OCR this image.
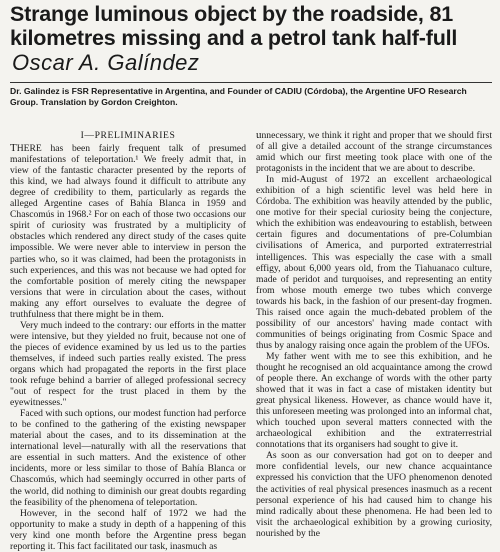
Strange luminous object by the roadside, 81 kilometres missing and a petrol tank half-full
Oscar A. Galíndez

Dr. Galindez is FSR Representative in Argentina, and Founder of CADIU (Córdoba), the Argentine UFO Research Group. Translation by Gordon Creighton.

I—PRELIMINARIES

THERE has been fairly frequent talk of presumed manifestations of teleportation.¹ We freely admit that, in view of the fantastic character presented by the reports of this kind, we had always found it difficult to attribute any degree of credibility to them, particularly as regards the alleged Argentine cases of Bahía Blanca in 1959 and Chascomús in 1968.² For on each of those two occasions our spirit of curiosity was frustrated by a multiplicity of obstacles which rendered any direct study of the cases quite impossible. We were never able to interview in person the parties who, so it was claimed, had been the protagonists in such experiences, and this was not because we had opted for the comfortable position of merely citing the newspaper versions that were in circulation about the cases, without making any effort ourselves to evaluate the degree of truthfulness that there might be in them.

Very much indeed to the contrary: our efforts in the matter were intensive, but they yielded no fruit, because not one of the pieces of evidence examined by us led us to the parties themselves, if indeed such parties really existed. The press organs which had propagated the reports in the first place took refuge behind a barrier of alleged professional secrecy "out of respect for the trust placed in them by the eyewitnesses."

Faced with such options, our modest function had perforce to be confined to the gathering of the existing newspaper material about the cases, and to its dissemination at the international level—naturally with all the reservations that are essential in such matters. And the existence of other incidents, more or less similar to those of Bahía Blanca or Chascomús, which had seemingly occurred in other parts of the world, did nothing to diminish our great doubts regarding the feasibility of the phenomena of teleportation.

However, in the second half of 1972 we had the opportunity to make a study in depth of a happening of this very kind one month before the Argentine press began reporting it. This fact facilitated our task, inasmuch as

unnecessary, we think it right and proper that we should first of all give a detailed account of the strange circumstances amid which our first meeting took place with one of the protagonists in the incident that we are about to describe.

In mid-August of 1972 an excellent archaeological exhibition of a high scientific level was held here in Córdoba. The exhibition was heavily attended by the public, one motive for their special curiosity being the conjecture, which the exhibition was endeavouring to establish, between certain figures and documentations of pre-Columbian civilisations of America, and purported extraterrestrial intelligences. This was especially the case with a small effigy, about 6,000 years old, from the Tiahuanaco culture, made of peridot and turquoises, and representing an entity from whose mouth emerge two tubes which converge towards his back, in the fashion of our present-day frogmen. This raised once again the much-debated problem of the possibility of our ancestors' having made contact with communities of beings originating from Cosmic Space and thus by analogy raising once again the problem of the UFOs.

My father went with me to see this exhibition, and he thought he recognised an old acquaintance among the crowd of people there. An exchange of words with the other party showed that it was in fact a case of mistaken identity but great physical likeness. However, as chance would have it, this unforeseen meeting was prolonged into an informal chat, which touched upon several matters connected with the archaeological exhibition and the extraterrestrial connotations that its organisers had sought to give it.

As soon as our conversation had got on to deeper and more confidential levels, our new chance acquaintance expressed his conviction that the UFO phenomenon denoted the activities of real physical presences inasmuch as a recent personal experience of his had caused him to change his mind radically about these phenomena. He had been led to visit the archaeological exhibition by a growing curiosity, nourished by the
